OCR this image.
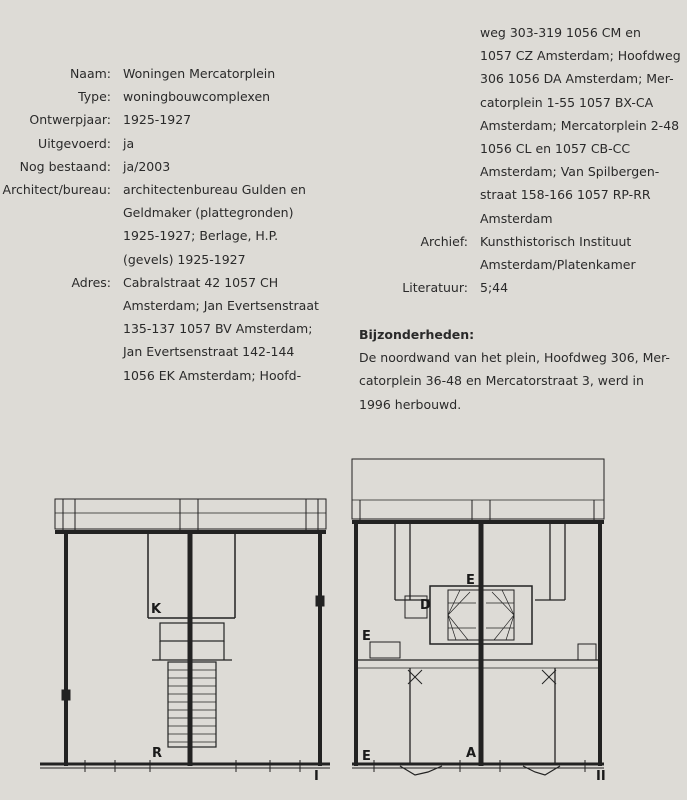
Naam: Woningen Mercatorplein
Type: woningbouwcomplexen
Ontwerpjaar: 1925-1927
Uitgevoerd: ja
Nog bestaand: ja/2003
Architect/bureau: architectenbureau Gulden en
Geldmaker (plattegronden)
1925-1927; Berlage, H.P.
(gevels) 1925-1927
Adres: Cabralstraat 42 1057 CH
Amsterdam; Jan Evertsenstraat
135-137 1057 BV Amsterdam;
Jan Evertsenstraat 142-144
1056 EK Amsterdam; Hoofd-
weg 303-319 1056 CM en
1057 CZ Amsterdam; Hoofdweg
306 1056 DA Amsterdam; Mer-
catorplein 1-55 1057 BX-CA
Amsterdam; Mercatorplein 2-48
1056 CL en 1057 CB-CC
Amsterdam; Van Spilbergen-
straat 158-166 1057 RP-RR
Amsterdam
Archief: Kunsthistorisch Instituut
Amsterdam/Platenkamer
Literatuur: 5;44
Bijzonderheden:
De noordwand van het plein, Hoofdweg 306, Mer-
catorplein 36-48 en Mercatorstraat 3, werd in
1996 herbouwd.
K
R
I
E
D
E
E	A
II
